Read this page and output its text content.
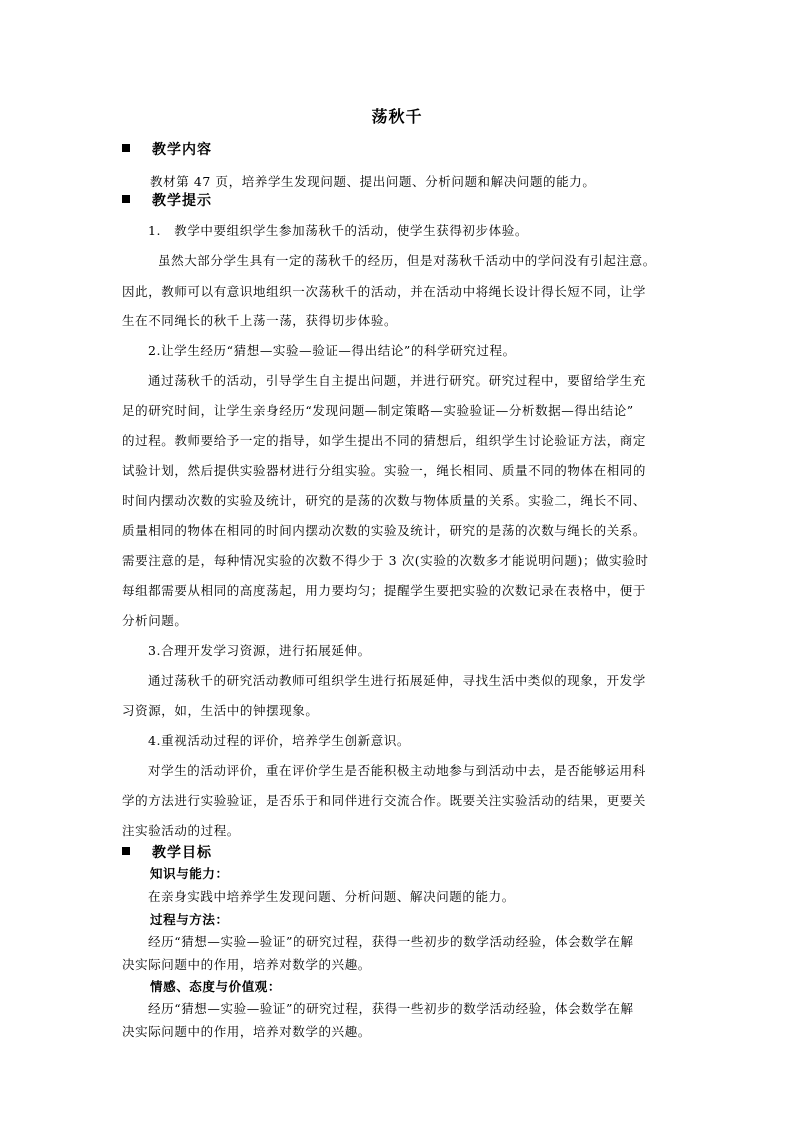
荡秋千
教学内容
教材第 47 页，培养学生发现问题、提出问题、分析问题和解决问题的能力。
教学提示
1.　教学中要组织学生参加荡秋千的活动，使学生获得初步体验。
虽然大部分学生具有一定的荡秋千的经历，但是对荡秋千活动中的学问没有引起注意。
因此，教师可以有意识地组织一次荡秋千的活动，并在活动中将绳长设计得长短不同，让学
生在不同绳长的秋千上荡一荡，获得切步体验。
2.让学生经历“猜想—实验—验证—得出结论”的科学研究过程。
通过荡秋千的活动，引导学生自主提出问题，并进行研究。研究过程中，要留给学生充
足的研究时间，让学生亲身经历“发现问题—制定策略—实验验证—分析数据—得出结论”
的过程。教师要给予一定的指导，如学生提出不同的猜想后，组织学生讨论验证方法，商定
试验计划，然后提供实验器材进行分组实验。实验一，绳长相同、质量不同的物体在相同的
时间内摆动次数的实验及统计，研究的是荡的次数与物体质量的关系。实验二，绳长不同、
质量相同的物体在相同的时间内摆动次数的实验及统计，研究的是荡的次数与绳长的关系。
需要注意的是，每种情况实验的次数不得少于 3 次(实验的次数多才能说明问题)；做实验时
每组都需要从相同的高度荡起，用力要均匀；提醒学生要把实验的次数记录在表格中，便于
分析问题。
3.合理开发学习资源，进行拓展延伸。
通过荡秋千的研究活动教师可组织学生进行拓展延伸，寻找生活中类似的现象，开发学
习资源，如，生活中的钟摆现象。
4.重视活动过程的评价，培养学生创新意识。
对学生的活动评价，重在评价学生是否能积极主动地参与到活动中去，是否能够运用科
学的方法进行实验验证，是否乐于和同伴进行交流合作。既要关注实验活动的结果，更要关
注实验活动的过程。
教学目标
知识与能力：
在亲身实践中培养学生发现问题、分析问题、解决问题的能力。
过程与方法：
经历“猜想—实验—验证”的研究过程，获得一些初步的数学活动经验，体会数学在解
决实际问题中的作用，培养对数学的兴趣。
情感、态度与价值观：
经历“猜想—实验—验证”的研究过程，获得一些初步的数学活动经验，体会数学在解
决实际问题中的作用，培养对数学的兴趣。
